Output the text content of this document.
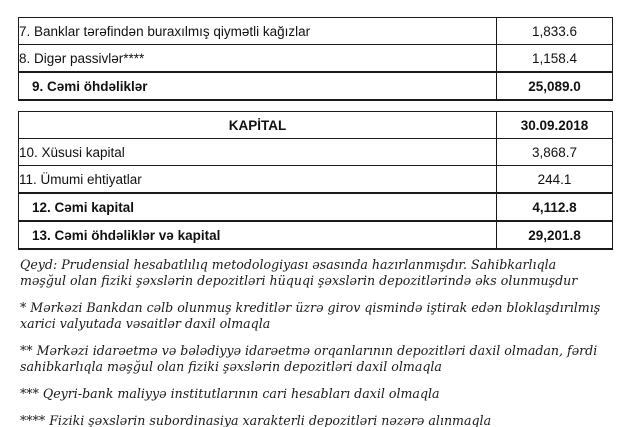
7. Banklar tərəfindən buraxılmış qiymətli kağızlar	1,833.6
8. Digər passivlər****	1,158.4
9. Cəmi öhdəliklər	25,089.0
KAPİTAL	30.09.2018
10. Xüsusi kapital	3,868.7
11. Ümumi ehtiyatlar	244.1
12. Cəmi kapital	4,112.8
13. Cəmi öhdəliklər və kapital	29,201.8

Qeyd: Prudensial hesabatlılıq metodologiyası əsasında hazırlanmışdır. Sahibkarlıqla məşğul olan fiziki şəxslərin depozitləri hüquqi şəxslərin depozitlərində əks olunmuşdur

* Mərkəzi Bankdan cəlb olunmuş kreditlər üzrə girov qismində iştirak edən bloklaşdırılmış xarici valyutada vəsaitlər daxil olmaqla

** Mərkəzi idarəetmə və bələdiyyə idarəetmə orqanlarının depozitləri daxil olmadan, fərdi sahibkarlıqla məşğul olan fiziki şəxslərin depozitləri daxil olmaqla

*** Qeyri-bank maliyyə institutlarının cari hesabları daxil olmaqla

**** Fiziki şəxslərin subordinasiya xarakterli depozitləri nəzərə alınmaqla
